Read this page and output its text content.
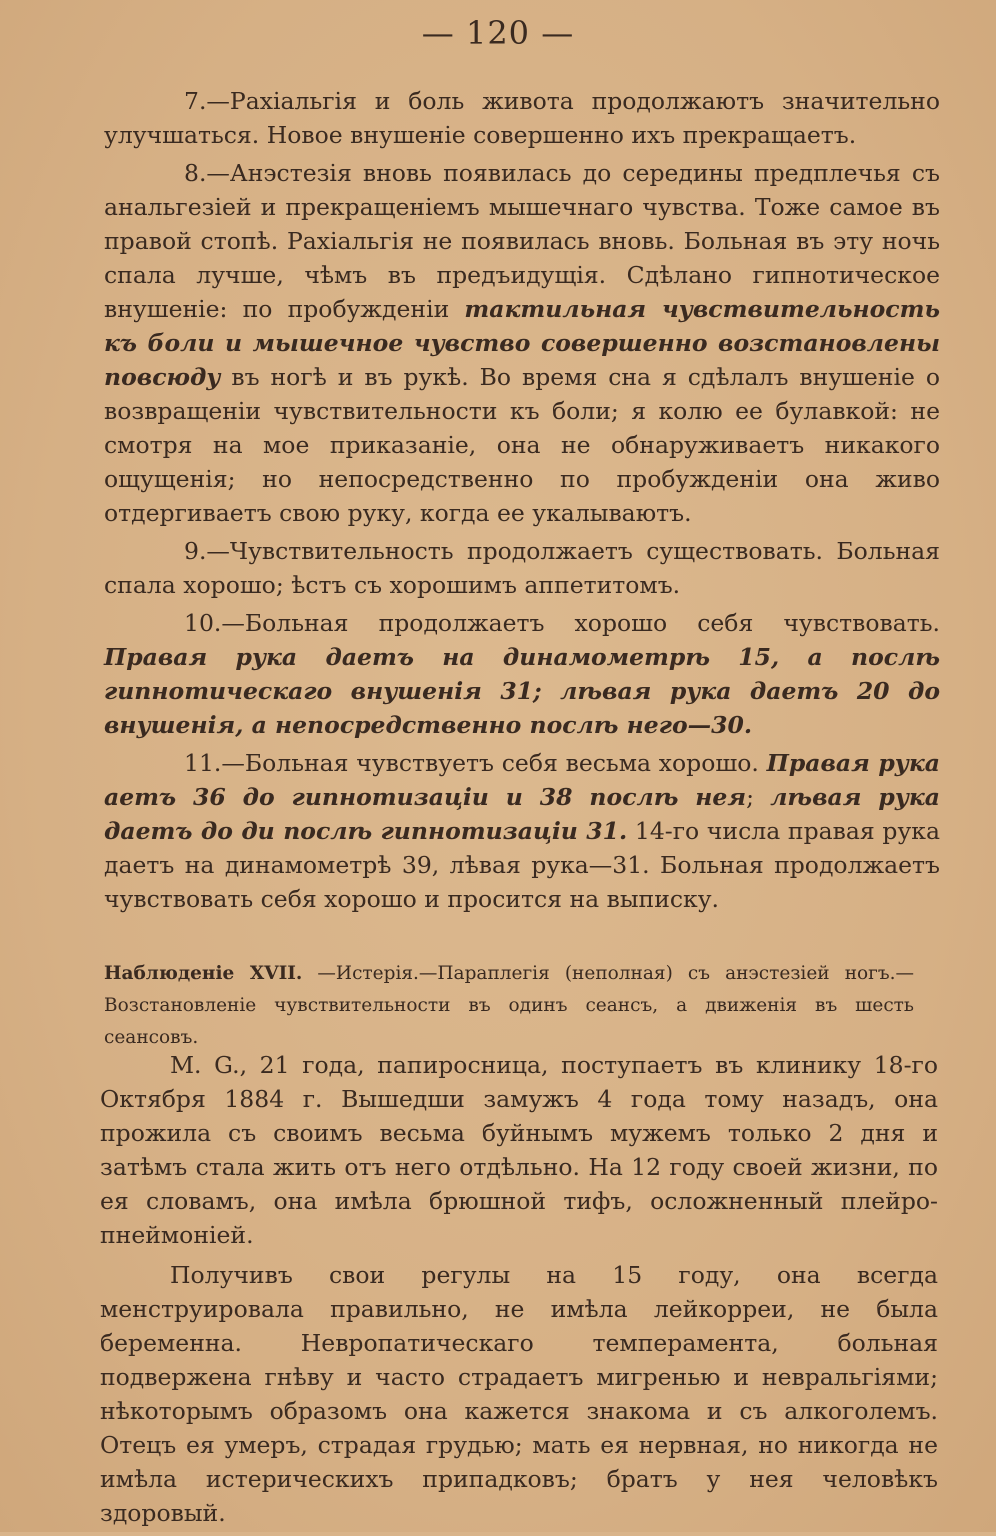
— 120 —

7.—Рахіальгія и боль живота продолжаютъ значительно улучшаться. Новое внушеніе совершенно ихъ прекращаетъ.

8.—Анэстезія вновь появилась до середины предплечья съ анальгезіей и прекращеніемъ мышечнаго чувства. Тоже самое въ правой стопѣ. Рахіальгія не появилась вновь. Больная въ эту ночь спала лучше, чѣмъ въ предъидущія. Сдѣлано гипнотическое внушеніе: по пробужденіи тактильная чувствительность къ боли и мышечное чувство совершенно возстановлены повсюду въ ногѣ и въ рукѣ. Во время сна я сдѣлалъ внушеніе о возвращеніи чувствительности къ боли; я колю ее булавкой: не смотря на мое приказаніе, она не обнаруживаетъ никакого ощущенія; но непосредственно по пробужденіи она живо отдергиваетъ свою руку, когда ее укалываютъ.

9.—Чувствительность продолжаетъ существовать. Больная спала хорошо; ѣстъ съ хорошимъ аппетитомъ.

10.—Больная продолжаетъ хорошо себя чувствовать. Правая рука даетъ на динамометрѣ 15, а послѣ гипнотическаго внушенія 31; лѣвая рука даетъ 20 до внушенія, а непосредственно послѣ него—30.

11.—Больная чувствуетъ себя весьма хорошо. Правая рука аетъ 36 до гипнотизаціи и 38 послѣ нея; лѣвая рука даетъ до ди послѣ гипнотизаціи 31. 14-го числа правая рука даетъ на динамометрѣ 39, лѣвая рука—31. Больная продолжаетъ чувствовать себя хорошо и просится на выписку.

Наблюденіе XVII. —Истерія.—Параплегія (неполная) съ анэстезіей ногъ.—Возстановленіе чувствительности въ одинъ сеансъ, а движенія въ шесть сеансовъ.

M. G., 21 года, папиросница, поступаетъ въ клинику 18-го Октября 1884 г. Вышедши замужъ 4 года тому назадъ, она прожила съ своимъ весьма буйнымъ мужемъ только 2 дня и затѣмъ стала жить отъ него отдѣльно. На 12 году своей жизни, по ея словамъ, она имѣла брюшной тифъ, осложненный плейро-пнеймоніей.

Получивъ свои регулы на 15 году, она всегда менструировала правильно, не имѣла лейкорреи, не была беременна. Невропатическаго темперамента, больная подвержена гнѣву и часто страдаетъ мигренью и невральгіями; нѣкоторымъ образомъ она кажется знакома и съ алкоголемъ. Отецъ ея умеръ, страдая грудью; мать ея нервная, но никогда не имѣла истерическихъ припадковъ; братъ у нея человѣкъ здоровый.
